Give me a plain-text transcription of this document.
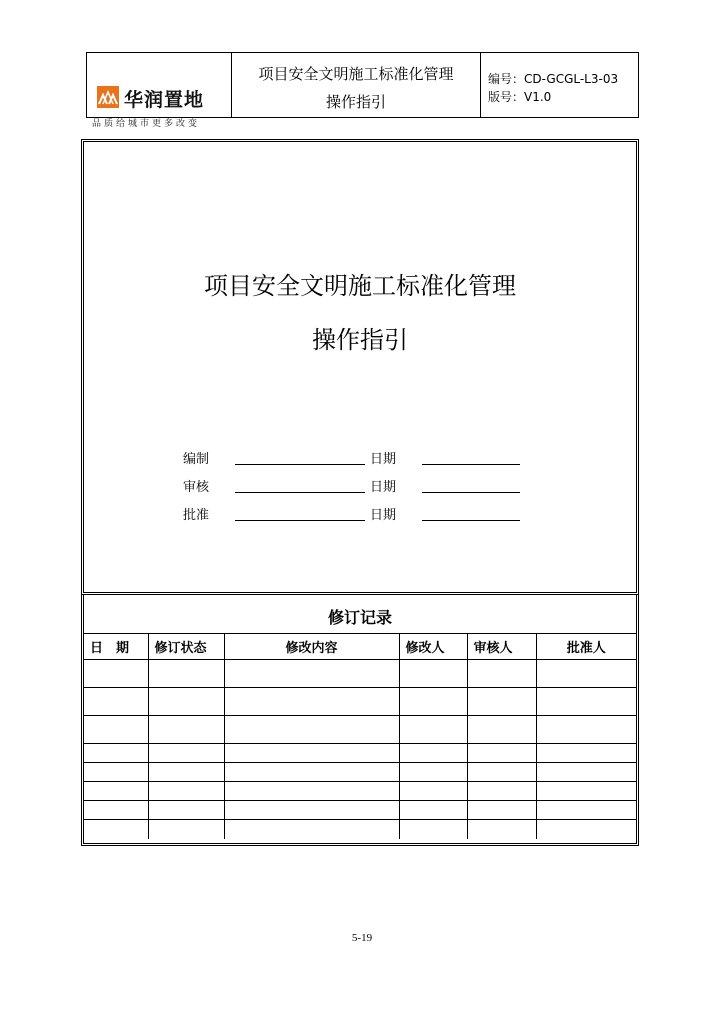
华润置地
项目安全文明施工标准化管理
操作指引
编号：CD-GCGL-L3-03
版号：V1.0
品质给城市更多改变
项目安全文明施工标准化管理
操作指引
编制	日期
审核	日期
批准	日期
修订记录
日　期	修订状态	修改内容	修改人	审核人	批准人

5-19
